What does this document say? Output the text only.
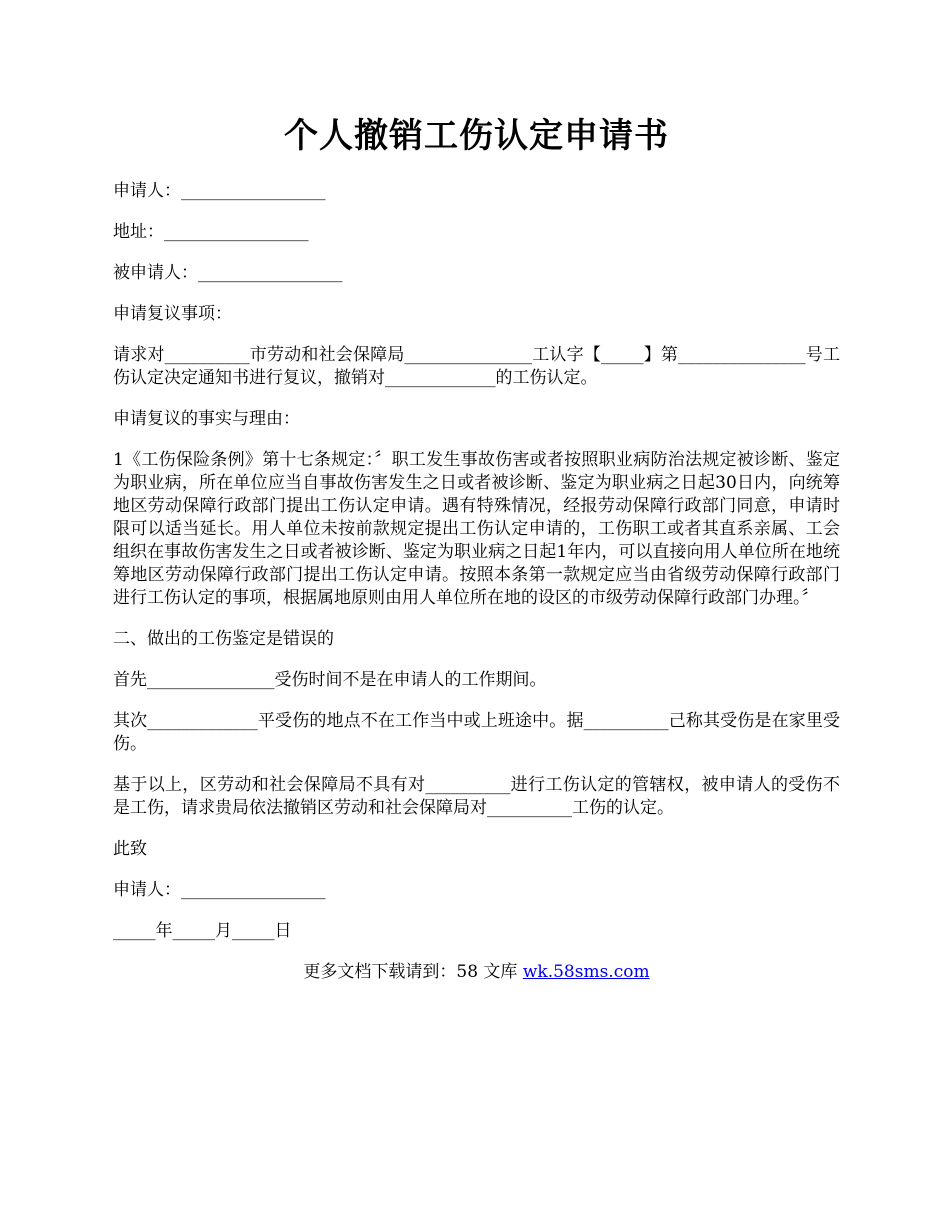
个人撤销工伤认定申请书
申请人：_________________
地址：_________________
被申请人：_________________
申请复议事项：
请求对__________市劳动和社会保障局_______________工认字【_____】第_______________号工伤认定决定通知书进行复议，撤销对_____________的工伤认定。
申请复议的事实与理由：
1《工伤保险条例》第十七条规定：〞职工发生事故伤害或者按照职业病防治法规定被诊断、鉴定为职业病，所在单位应当自事故伤害发生之日或者被诊断、鉴定为职业病之日起30日内，向统筹地区劳动保障行政部门提出工伤认定申请。遇有特殊情况，经报劳动保障行政部门同意，申请时限可以适当延长。用人单位未按前款规定提出工伤认定申请的，工伤职工或者其直系亲属、工会组织在事故伤害发生之日或者被诊断、鉴定为职业病之日起1年内，可以直接向用人单位所在地统筹地区劳动保障行政部门提出工伤认定申请。按照本条第一款规定应当由省级劳动保障行政部门进行工伤认定的事项，根据属地原则由用人单位所在地的设区的市级劳动保障行政部门办理。〞
二、做出的工伤鉴定是错误的
首先_______________受伤时间不是在申请人的工作期间。
其次_____________平受伤的地点不在工作当中或上班途中。据__________己称其受伤是在家里受伤。
基于以上，区劳动和社会保障局不具有对__________进行工伤认定的管辖权，被申请人的受伤不是工伤，请求贵局依法撤销区劳动和社会保障局对__________工伤的认定。
此致
申请人：_________________
_____年_____月_____日
更多文档下载请到：58 文库 wk.58sms.com
